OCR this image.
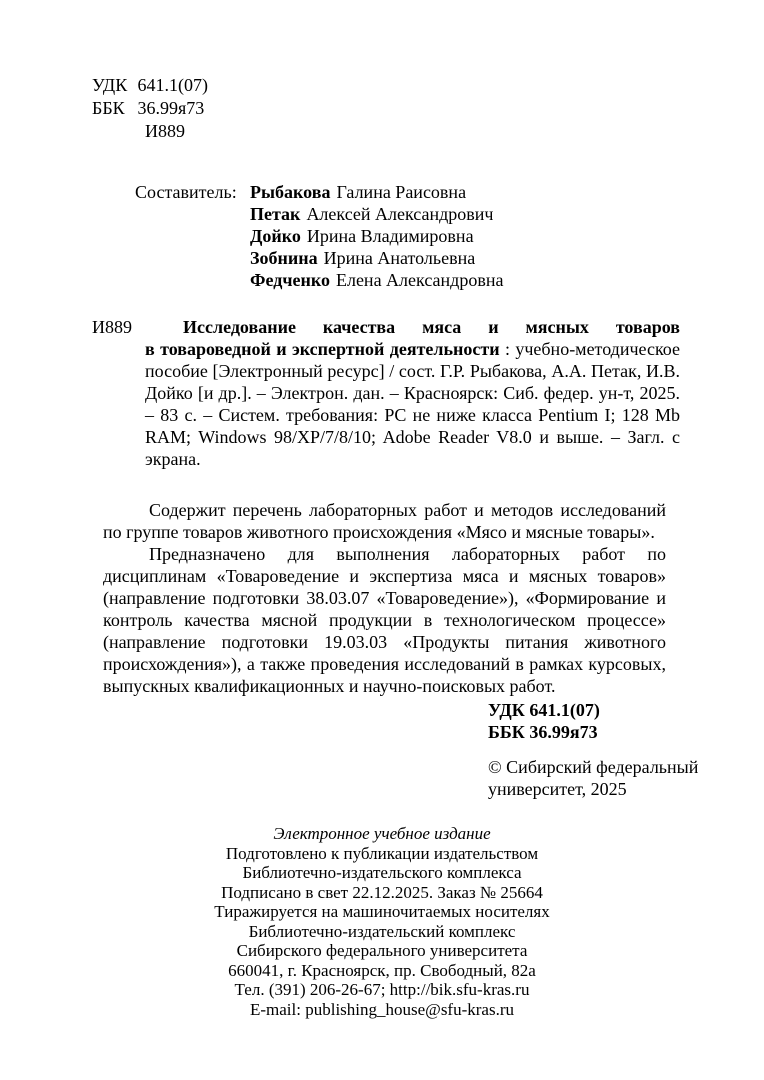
УДК 641.1(07)
ББК 36.99я73
И889
Составитель: Рыбакова Галина Раисовна
Петак Алексей Александрович
Дойко Ирина Владимировна
Зобнина Ирина Анатольевна
Федченко Елена Александровна
И889	Исследование качества мяса и мясных товаров в товароведной и экспертной деятельности : учебно-методическое пособие [Электронный ресурс] / сост. Г.Р. Рыбакова, А.А. Петак, И.В. Дойко [и др.]. – Электрон. дан. – Красноярск: Сиб. федер. ун-т, 2025. – 83 с. – Систем. требования: PC не ниже класса Pentium I; 128 Mb RAM; Windows 98/XP/7/8/10; Adobe Reader V8.0 и выше. – Загл. с экрана.

Содержит перечень лабораторных работ и методов исследований по группе товаров животного происхождения «Мясо и мясные товары».

Предназначено для выполнения лабораторных работ по дисциплинам «Товароведение и экспертиза мяса и мясных товаров» (направление подготовки 38.03.07 «Товароведение»), «Формирование и контроль качества мясной продукции в технологическом процессе» (направление подготовки 19.03.03 «Продукты питания животного происхождения»), а также проведения исследований в рамках курсовых, выпускных квалификационных и научно-поисковых работ.

УДК 641.1(07)
ББК 36.99я73
© Сибирский федеральный
университет, 2025
Электронное учебное издание
Подготовлено к публикации издательством
Библиотечно-издательского комплекса
Подписано в свет 22.12.2025. Заказ № 25664
Тиражируется на машиночитаемых носителях
Библиотечно-издательский комплекс
Сибирского федерального университета
660041, г. Красноярск, пр. Свободный, 82а
Тел. (391) 206-26-67; http://bik.sfu-kras.ru
E-mail: publishing_house@sfu-kras.ru
